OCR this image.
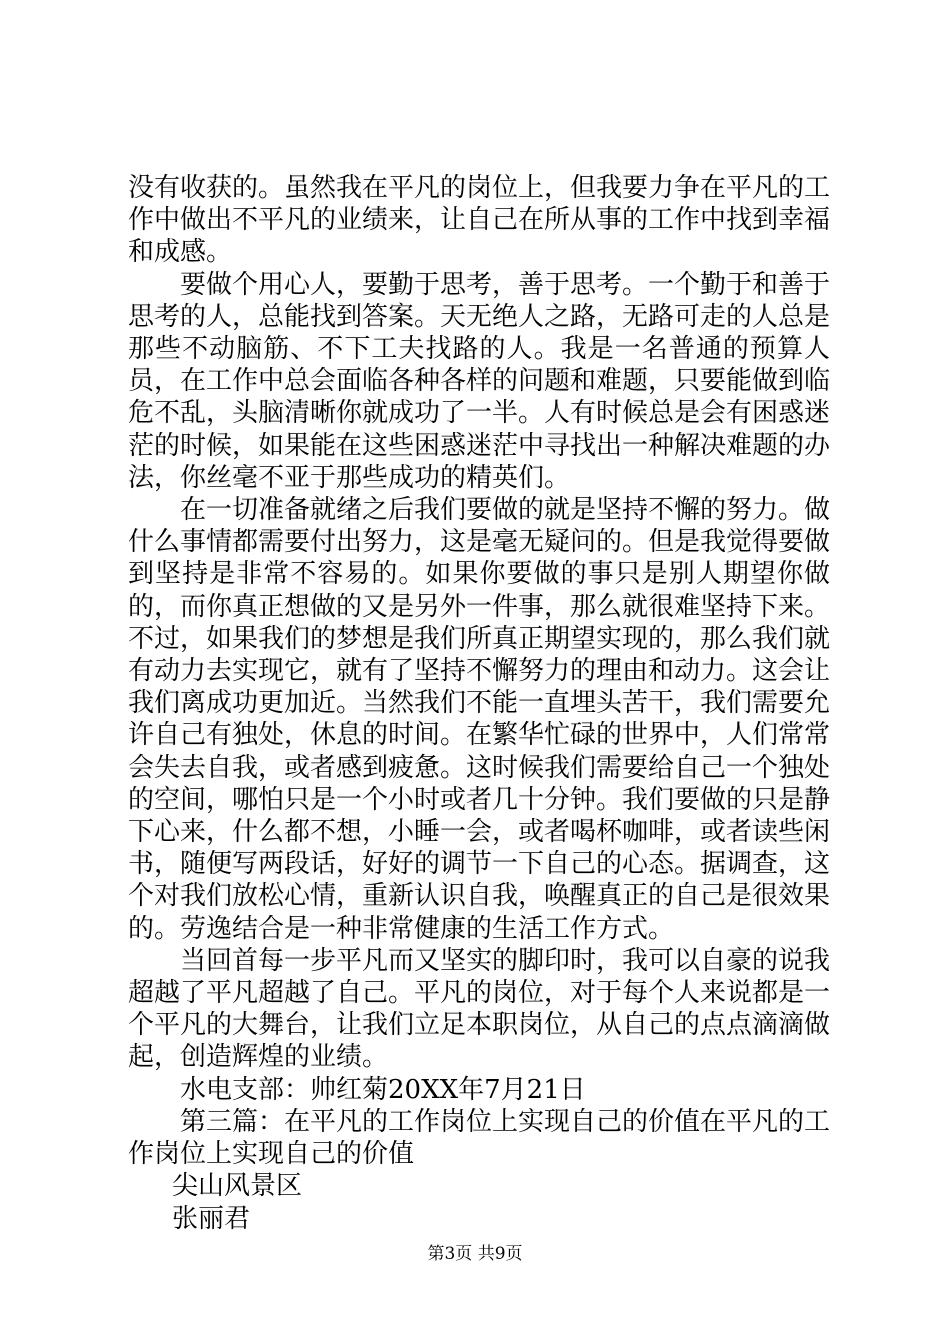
没有收获的。虽然我在平凡的岗位上，但我要力争在平凡的工作中做出不平凡的业绩来，让自己在所从事的工作中找到幸福和成感。

要做个用心人，要勤于思考，善于思考。一个勤于和善于思考的人，总能找到答案。天无绝人之路，无路可走的人总是那些不动脑筋、不下工夫找路的人。我是一名普通的预算人员，在工作中总会面临各种各样的问题和难题，只要能做到临危不乱，头脑清晰你就成功了一半。人有时候总是会有困惑迷茫的时候，如果能在这些困惑迷茫中寻找出一种解决难题的办法，你丝毫不亚于那些成功的精英们。

在一切准备就绪之后我们要做的就是坚持不懈的努力。做什么事情都需要付出努力，这是毫无疑问的。但是我觉得要做到坚持是非常不容易的。如果你要做的事只是别人期望你做的，而你真正想做的又是另外一件事，那么就很难坚持下来。不过，如果我们的梦想是我们所真正期望实现的，那么我们就有动力去实现它，就有了坚持不懈努力的理由和动力。这会让我们离成功更加近。当然我们不能一直埋头苦干，我们需要允许自己有独处，休息的时间。在繁华忙碌的世界中，人们常常会失去自我，或者感到疲惫。这时候我们需要给自己一个独处的空间，哪怕只是一个小时或者几十分钟。我们要做的只是静下心来，什么都不想，小睡一会，或者喝杯咖啡，或者读些闲书，随便写两段话，好好的调节一下自己的心态。据调查，这个对我们放松心情，重新认识自我，唤醒真正的自己是很效果的。劳逸结合是一种非常健康的生活工作方式。

当回首每一步平凡而又坚实的脚印时，我可以自豪的说我超越了平凡超越了自己。平凡的岗位，对于每个人来说都是一个平凡的大舞台，让我们立足本职岗位，从自己的点点滴滴做起，创造辉煌的业绩。

水电支部：帅红菊20XX年7月21日

第三篇：在平凡的工作岗位上实现自己的价值在平凡的工作岗位上实现自己的价值

尖山风景区

张丽君

第3页 共9页
